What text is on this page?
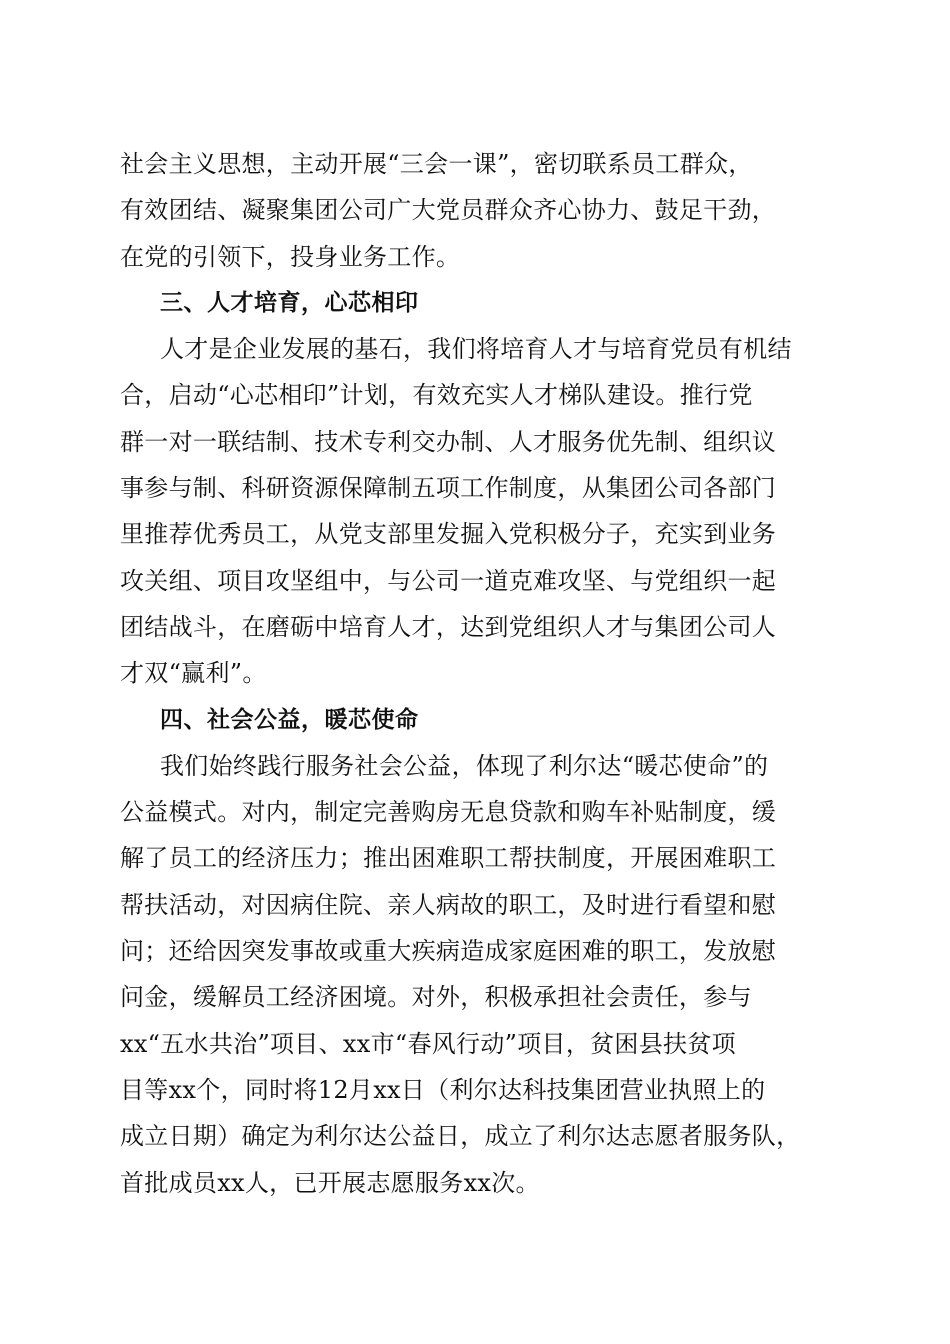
社会主义思想，主动开展“三会一课”，密切联系员工群众，
有效团结、凝聚集团公司广大党员群众齐心协力、鼓足干劲，
在党的引领下，投身业务工作。
三、人才培育，心芯相印
人才是企业发展的基石，我们将培育人才与培育党员有机结
合，启动“心芯相印”计划，有效充实人才梯队建设。推行党
群一对一联结制、技术专利交办制、人才服务优先制、组织议
事参与制、科研资源保障制五项工作制度，从集团公司各部门
里推荐优秀员工，从党支部里发掘入党积极分子，充实到业务
攻关组、项目攻坚组中，与公司一道克难攻坚、与党组织一起
团结战斗，在磨砺中培育人才，达到党组织人才与集团公司人
才双“赢利”。
四、社会公益，暖芯使命
我们始终践行服务社会公益，体现了利尔达“暖芯使命”的
公益模式。对内，制定完善购房无息贷款和购车补贴制度，缓
解了员工的经济压力；推出困难职工帮扶制度，开展困难职工
帮扶活动，对因病住院、亲人病故的职工，及时进行看望和慰
问；还给因突发事故或重大疾病造成家庭困难的职工，发放慰
问金，缓解员工经济困境。对外，积极承担社会责任，参与
xx“五水共治”项目、xx市“春风行动”项目，贫困县扶贫项
目等xx个，同时将12月xx日（利尔达科技集团营业执照上的
成立日期）确定为利尔达公益日，成立了利尔达志愿者服务队，
首批成员xx人，已开展志愿服务xx次。
